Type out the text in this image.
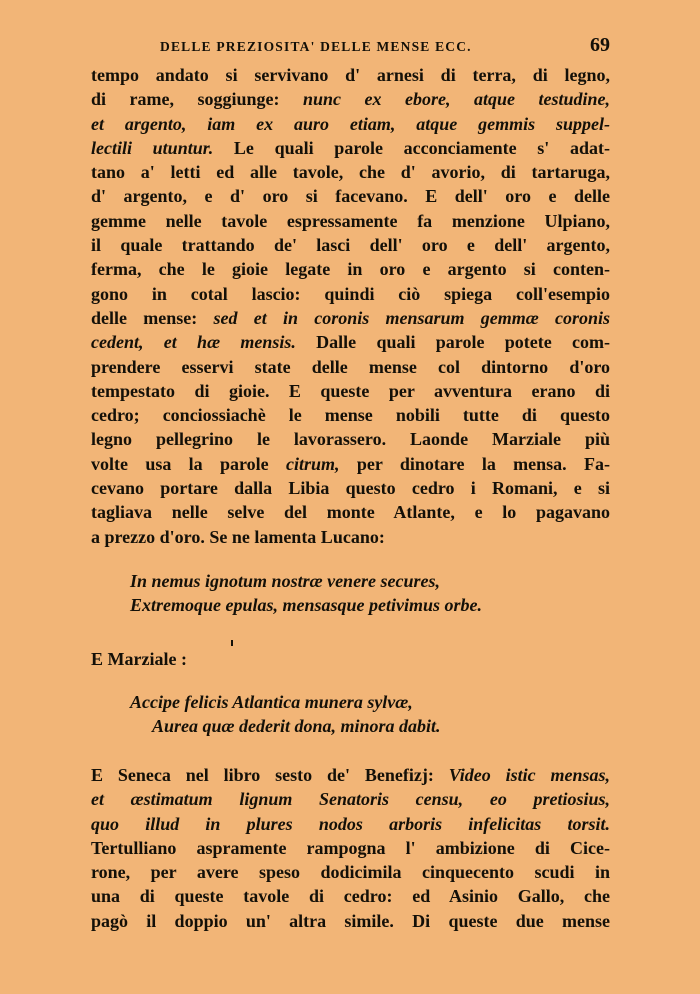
DELLE PREZIOSITA' DELLE MENSE ECC.	69
tempo andato si servivano d' arnesi di terra, di legno,
di rame, soggiunge: nunc ex ebore, atque testudine,
et argento, iam ex auro etiam, atque gemmis suppel-
lectili utuntur. Le quali parole acconciamente s' adat-
tano a' letti ed alle tavole, che d' avorio, di tartaruga,
d' argento, e d' oro si facevano. E dell' oro e delle
gemme nelle tavole espressamente fa menzione Ulpiano,
il quale trattando de' lasci dell' oro e dell' argento,
ferma, che le gioie legate in oro e argento si conten-
gono in cotal lascio: quindi ciò spiega coll'esempio
delle mense: sed et in coronis mensarum gemmæ coronis
cedent, et hæ mensis. Dalle quali parole potete com-
prendere esservi state delle mense col dintorno d'oro
tempestato di gioie. E queste per avventura erano di
cedro; conciossiachè le mense nobili tutte di questo
legno pellegrino le lavorassero. Laonde Marziale più
volte usa la parole citrum, per dinotare la mensa. Fa-
cevano portare dalla Libia questo cedro i Romani, e si
tagliava nelle selve del monte Atlante, e lo pagavano
a prezzo d'oro. Se ne lamenta Lucano:
In nemus ignotum nostræ venere secures,
Extremoque epulas, mensasque petivimus orbe.
E Marziale :
Accipe felicis Atlantica munera sylvæ,
Aurea quæ dederit dona, minora dabit.
E Seneca nel libro sesto de' Benefizj: Video istic mensas,
et æstimatum lignum Senatoris censu, eo pretiosius,
quo illud in plures nodos arboris infelicitas torsit.
Tertulliano aspramente rampogna l' ambizione di Cice-
rone, per avere speso dodicimila cinquecento scudi in
una di queste tavole di cedro: ed Asinio Gallo, che
pagò il doppio un' altra simile. Di queste due mense
